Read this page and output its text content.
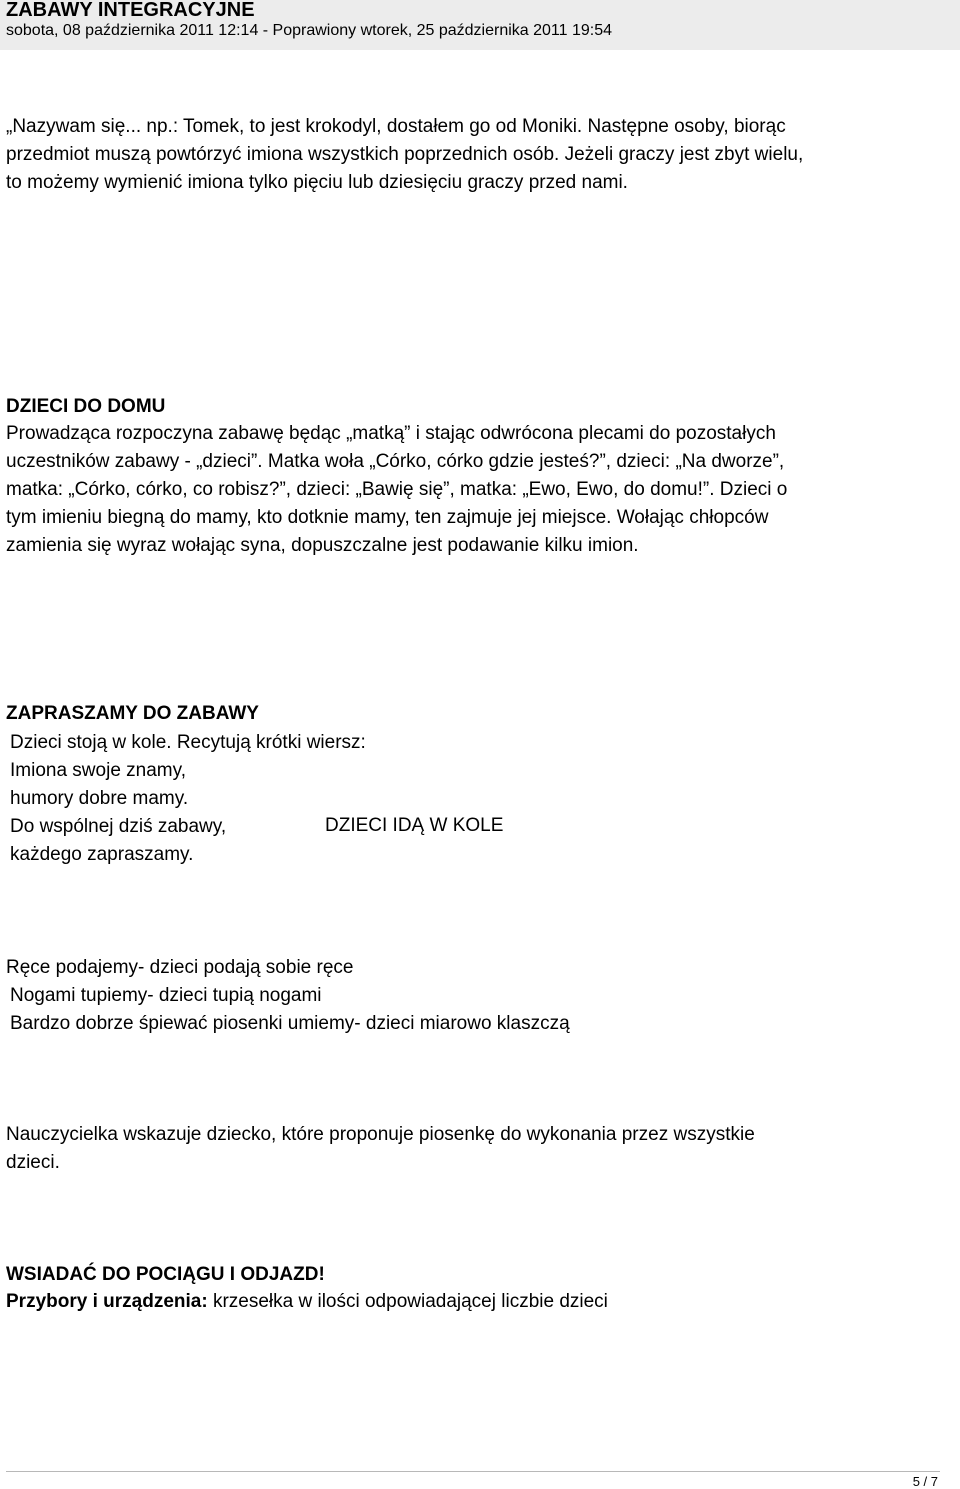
ZABAWY INTEGRACYJNE
sobota, 08 października 2011 12:14 - Poprawiony wtorek, 25 października 2011 19:54
„Nazywam się... np.: Tomek, to jest krokodyl, dostałem go od Moniki. Następne osoby, biorąc
przedmiot muszą powtórzyć imiona wszystkich poprzednich osób. Jeżeli graczy jest zbyt wielu,
to możemy wymienić imiona tylko pięciu lub dziesięciu graczy przed nami.
DZIECI DO DOMU
Prowadząca rozpoczyna zabawę będąc „matką” i stając odwrócona plecami do pozostałych
uczestników zabawy - „dzieci”. Matka woła „Córko, córko gdzie jesteś?”, dzieci: „Na dworze”,
matka: „Córko, córko, co robisz?”, dzieci: „Bawię się”, matka: „Ewo, Ewo, do domu!”. Dzieci o
tym imieniu biegną do mamy, kto dotknie mamy, ten zajmuje jej miejsce. Wołając chłopców
zamienia się wyraz wołając syna, dopuszczalne jest podawanie kilku imion.
ZAPRASZAMY DO ZABAWY
Dzieci stoją w kole. Recytują krótki wiersz:
Imiona swoje znamy,
humory dobre mamy.
Do wspólnej dziś zabawy,
każdego zapraszamy.
DZIECI IDĄ W KOLE
Ręce podajemy- dzieci podają sobie ręce
Nogami tupiemy- dzieci tupią nogami
Bardzo dobrze śpiewać piosenki umiemy- dzieci miarowo klaszczą
Nauczycielka wskazuje dziecko, które proponuje piosenkę do wykonania przez wszystkie
dzieci.
WSIADAĆ DO POCIĄGU I ODJAZD!
Przybory i urządzenia: krzesełka w ilości odpowiadającej liczbie dzieci
5 / 7
